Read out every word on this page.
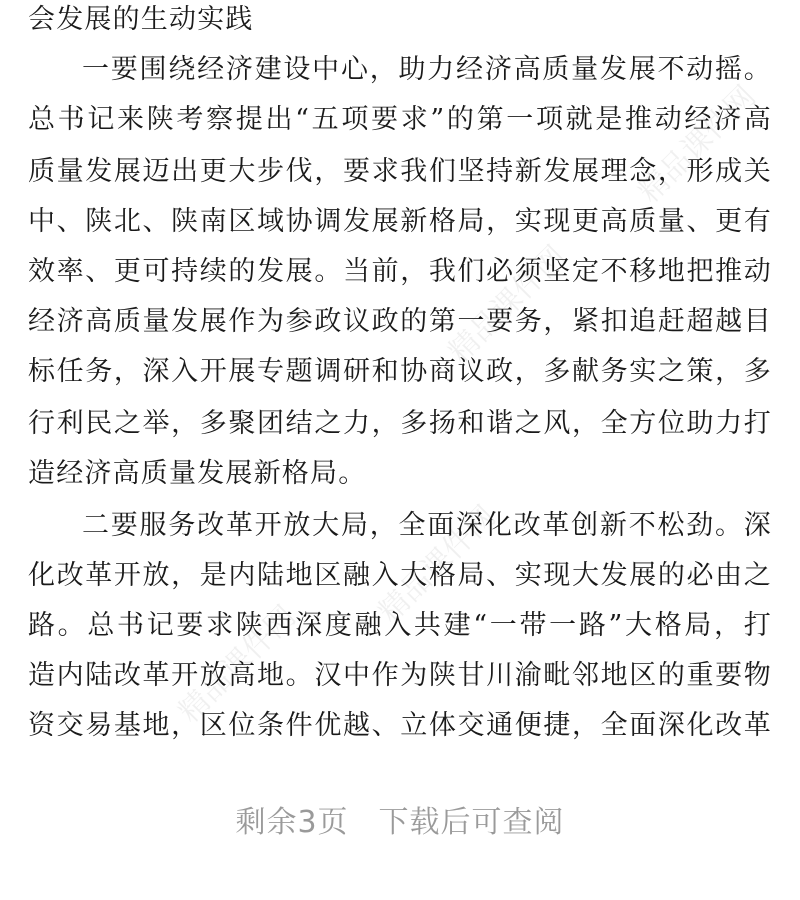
会发展的生动实践
一要围绕经济建设中心，助力经济高质量发展不动摇。
总书记来陕考察提出“五项要求”的第一项就是推动经济高
质量发展迈出更大步伐，要求我们坚持新发展理念，形成关
中、陕北、陕南区域协调发展新格局，实现更高质量、更有
效率、更可持续的发展。当前，我们必须坚定不移地把推动
经济高质量发展作为参政议政的第一要务，紧扣追赶超越目
标任务，深入开展专题调研和协商议政，多献务实之策，多
行利民之举，多聚团结之力，多扬和谐之风，全方位助力打
造经济高质量发展新格局。
二要服务改革开放大局，全面深化改革创新不松劲。深
化改革开放，是内陆地区融入大格局、实现大发展的必由之
路。总书记要求陕西深度融入共建“一带一路”大格局，打
造内陆改革开放高地。汉中作为陕甘川渝毗邻地区的重要物
资交易基地，区位条件优越、立体交通便捷，全面深化改革
精品课件网
精品课件网
精品课件网
精品课件网
剩余3页 下载后可查阅
